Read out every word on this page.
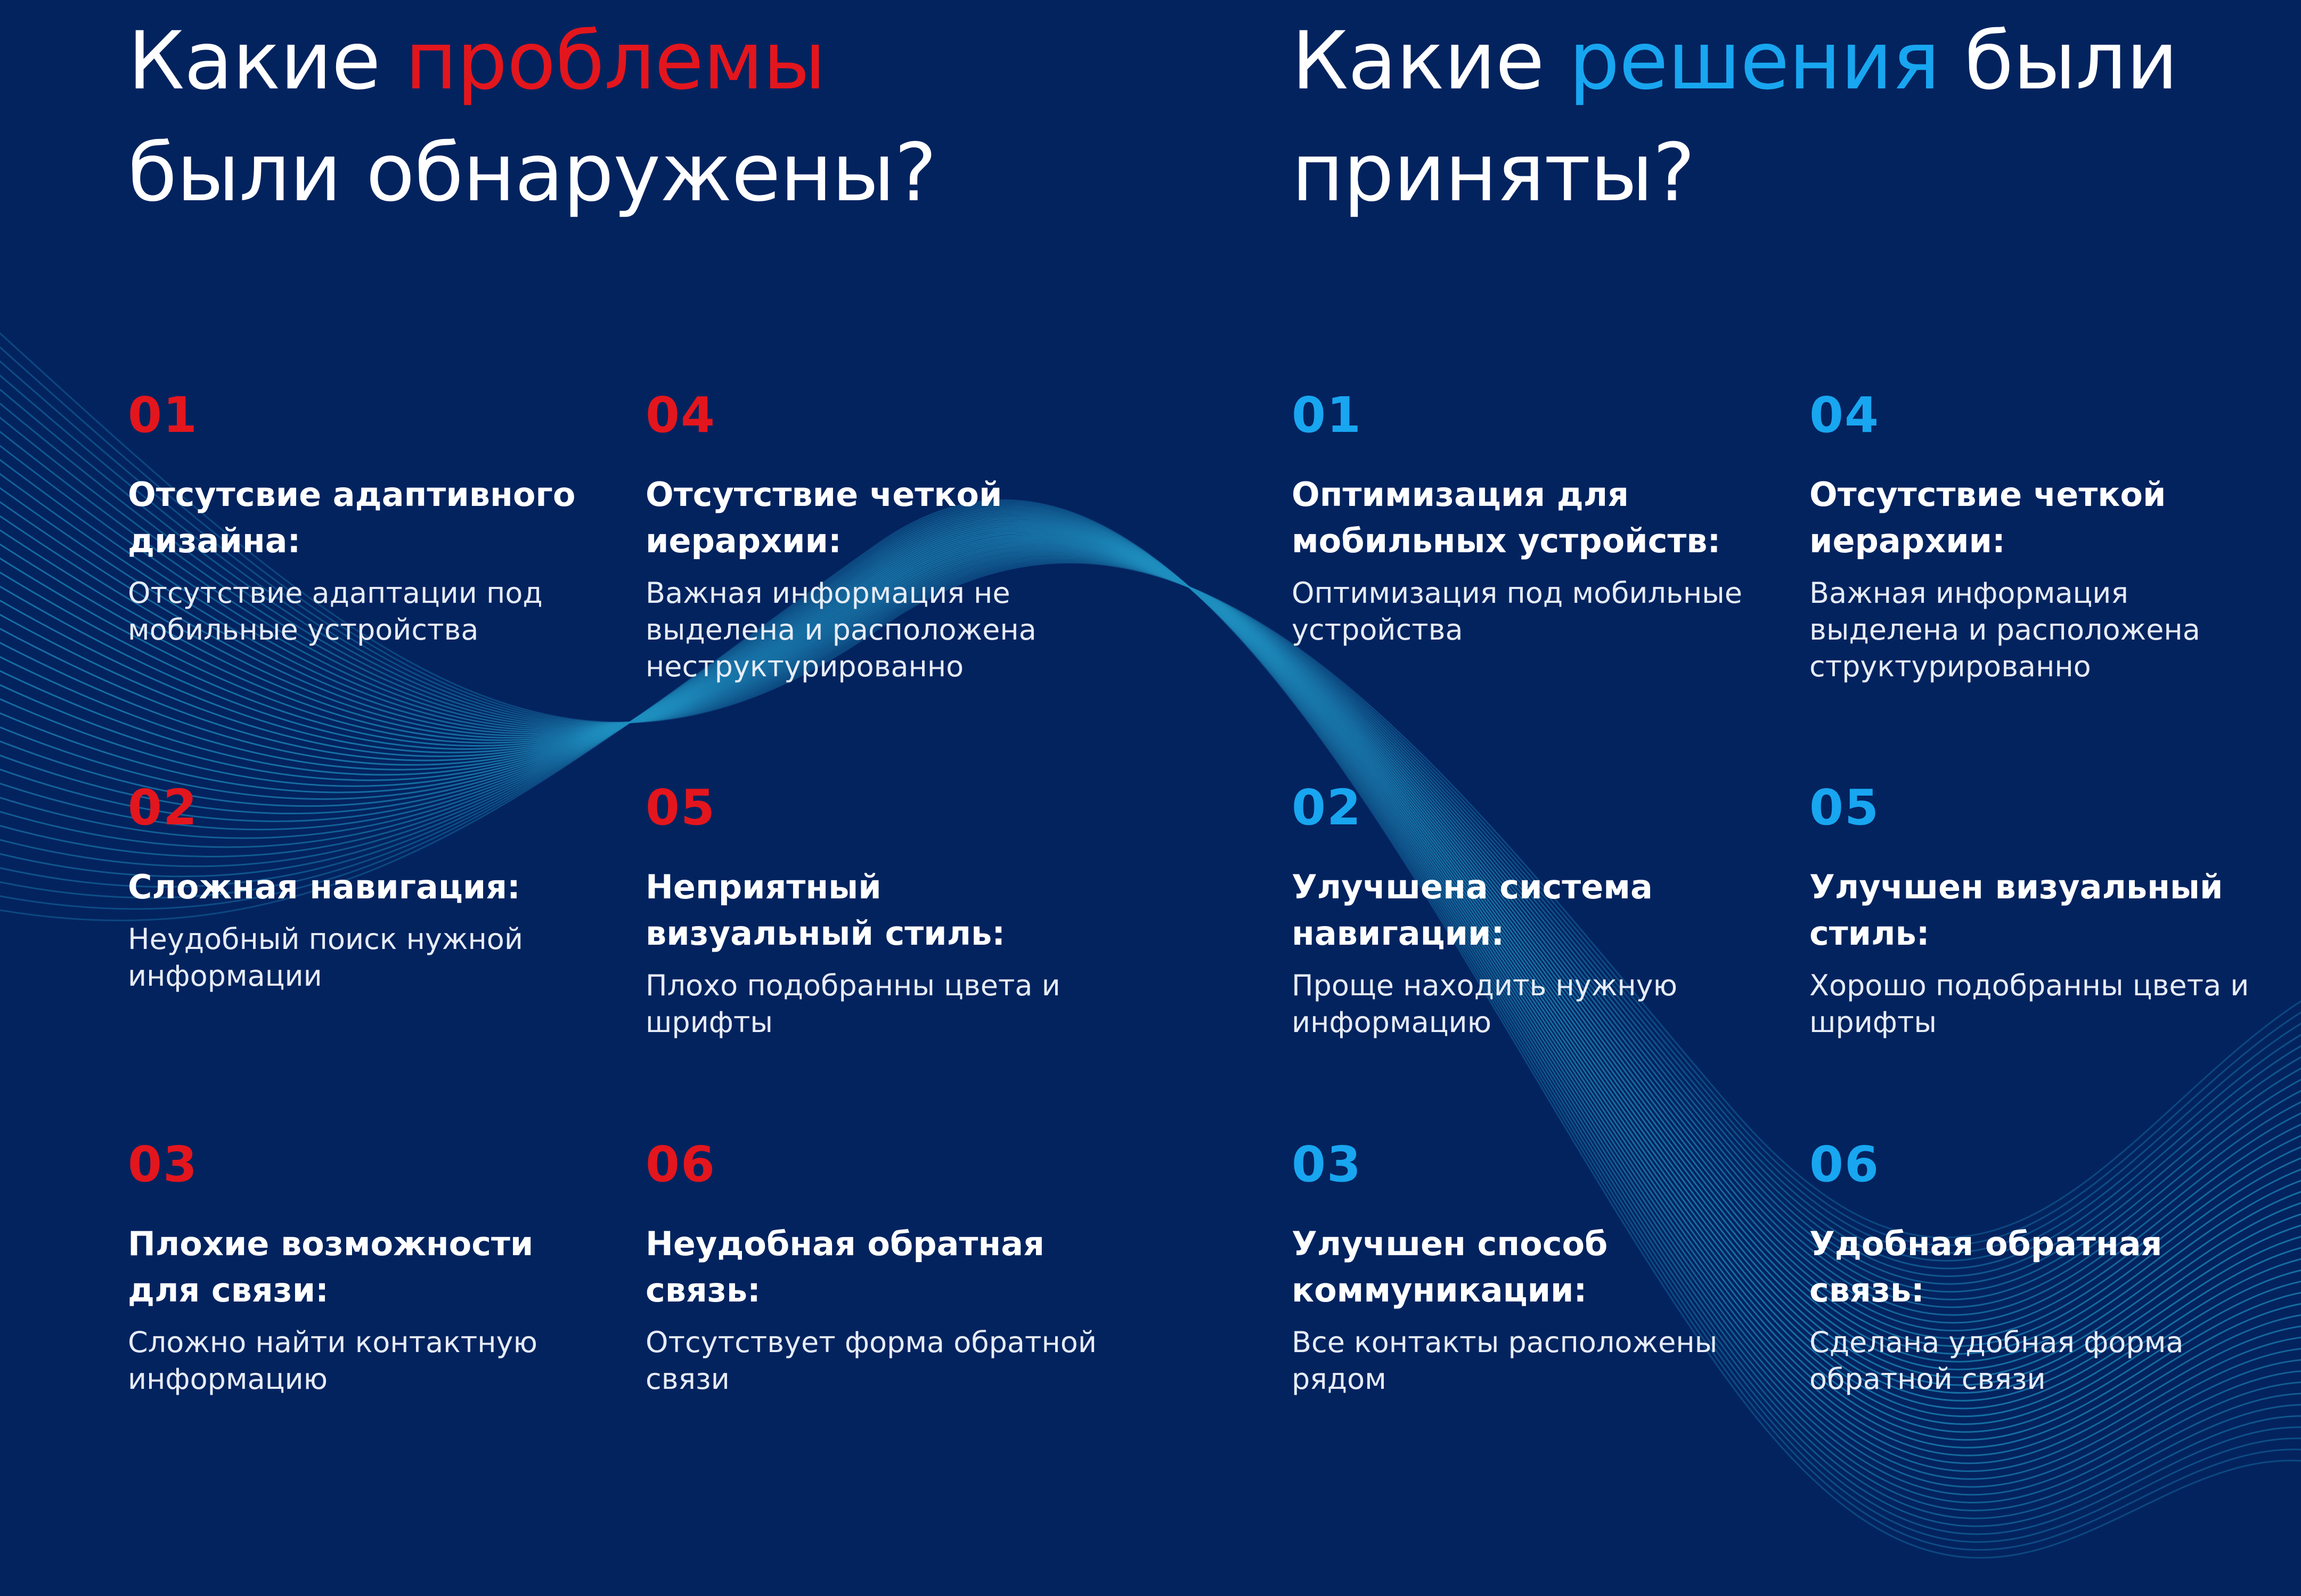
Какие проблемы
были обнаружены?
01
Отсутсвие адаптивного дизайна:
Отсутствие адаптации под мобильные устройства
02
Сложная навигация:
Неудобный поиск нужной информации
03
Плохие возможности для связи:
Сложно найти контактную информацию
04
Отсутствие четкой иерархии:
Важная информация не выделена и расположена неструктурированно
05
Неприятный визуальный стиль:
Плохо подобранны цвета и шрифты
06
Неудобная обратная связь:
Отсутствует форма обратной связи
Какие решения были
приняты?
01
Оптимизация для мобильных устройств:
Оптимизация под мобильные устройства
02
Улучшена система навигации:
Проще находить нужную информацию
03
Улучшен способ коммуникации:
Все контакты расположены рядом
04
Отсутствие четкой иерархии:
Важная информация выделена и расположена структурированно
05
Улучшен визуальный стиль:
Хорошо подобранны цвета и шрифты
06
Удобная обратная связь:
Сделана удобная форма обратной связи
